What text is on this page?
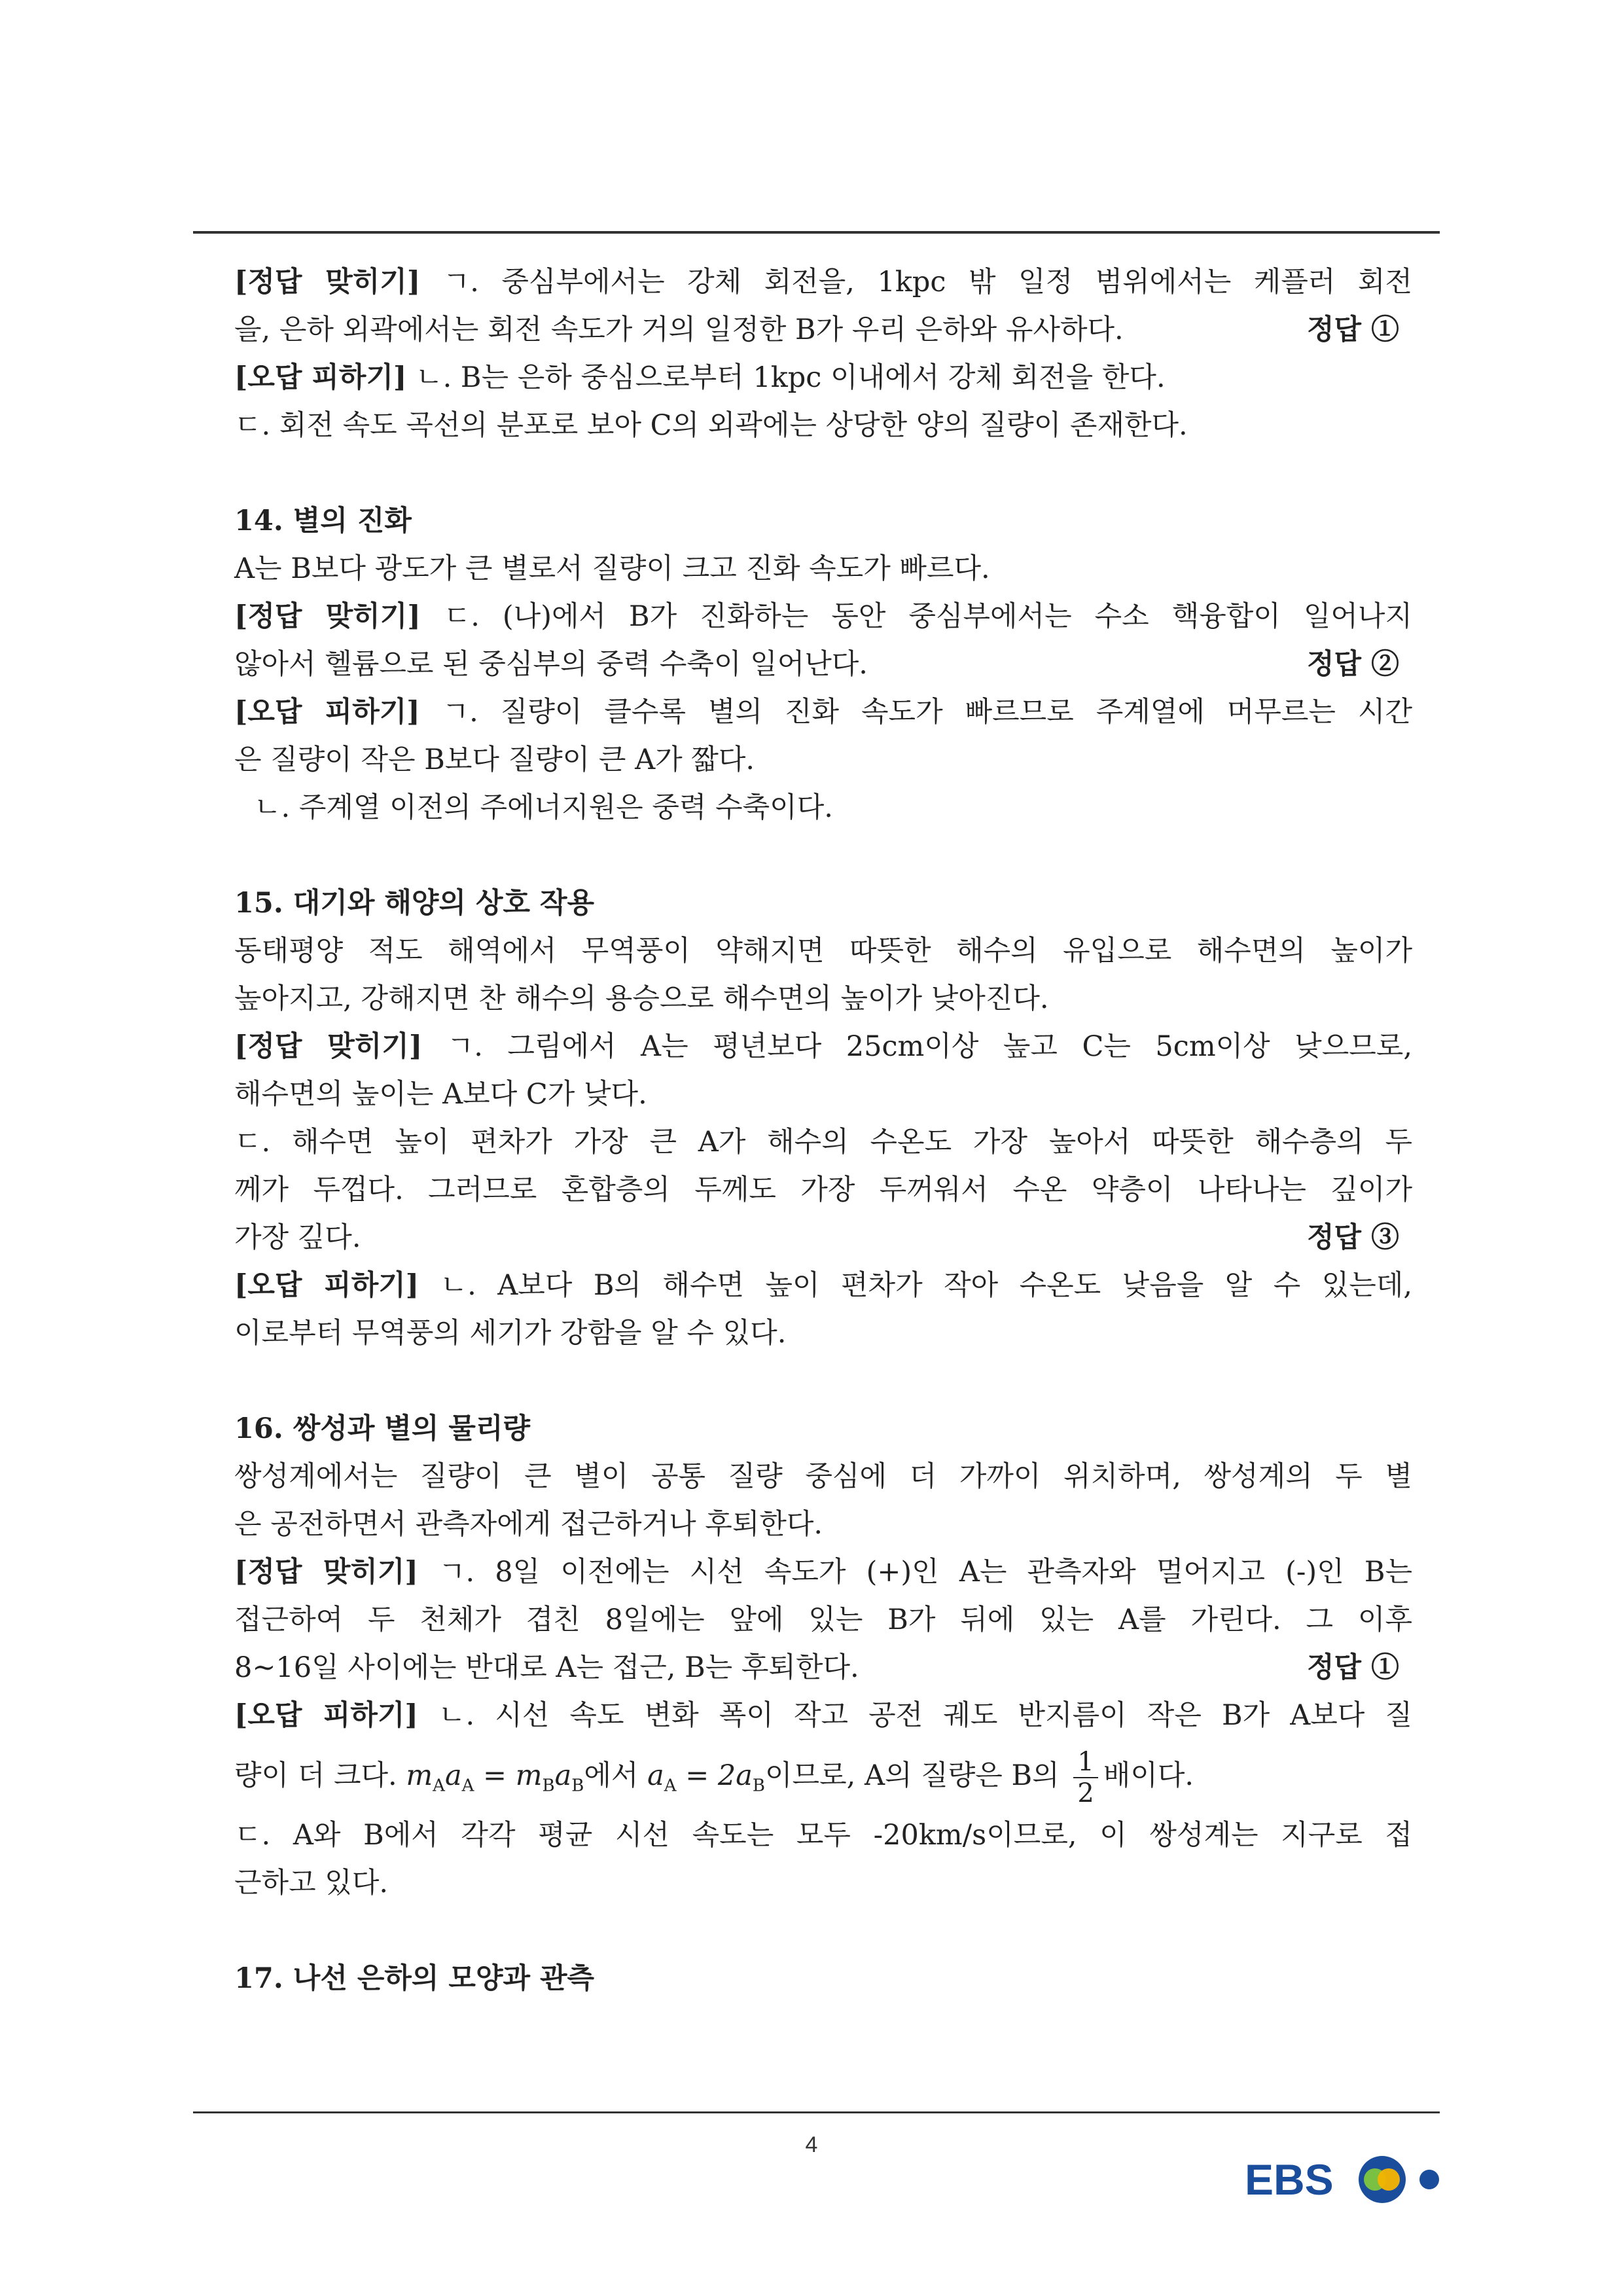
[정답 맞히기] ㄱ. 중심부에서는 강체 회전을, 1kpc 밖 일정 범위에서는 케플러 회전
을, 은하 외곽에서는 회전 속도가 거의 일정한 B가 우리 은하와 유사하다.	정답 ①
[오답 피하기] ㄴ. B는 은하 중심으로부터 1kpc 이내에서 강체 회전을 한다.
ㄷ. 회전 속도 곡선의 분포로 보아 C의 외곽에는 상당한 양의 질량이 존재한다.
14. 별의 진화
A는 B보다 광도가 큰 별로서 질량이 크고 진화 속도가 빠르다.
[정답 맞히기] ㄷ. (나)에서 B가 진화하는 동안 중심부에서는 수소 핵융합이 일어나지
않아서 헬륨으로 된 중심부의 중력 수축이 일어난다.	정답 ②
[오답 피하기] ㄱ. 질량이 클수록 별의 진화 속도가 빠르므로 주계열에 머무르는 시간
은 질량이 작은 B보다 질량이 큰 A가 짧다.
ㄴ. 주계열 이전의 주에너지원은 중력 수축이다.
15. 대기와 해양의 상호 작용
동태평양 적도 해역에서 무역풍이 약해지면 따뜻한 해수의 유입으로 해수면의 높이가
높아지고, 강해지면 찬 해수의 용승으로 해수면의 높이가 낮아진다.
[정답 맞히기] ㄱ. 그림에서 A는 평년보다 25cm이상 높고 C는 5cm이상 낮으므로,
해수면의 높이는 A보다 C가 낮다.
ㄷ. 해수면 높이 편차가 가장 큰 A가 해수의 수온도 가장 높아서 따뜻한 해수층의 두
께가 두껍다. 그러므로 혼합층의 두께도 가장 두꺼워서 수온 약층이 나타나는 깊이가
가장 깊다.	정답 ③
[오답 피하기] ㄴ. A보다 B의 해수면 높이 편차가 작아 수온도 낮음을 알 수 있는데,
이로부터 무역풍의 세기가 강함을 알 수 있다.
16. 쌍성과 별의 물리량
쌍성계에서는 질량이 큰 별이 공통 질량 중심에 더 가까이 위치하며, 쌍성계의 두 별
은 공전하면서 관측자에게 접근하거나 후퇴한다.
[정답 맞히기] ㄱ. 8일 이전에는 시선 속도가 (+)인 A는 관측자와 멀어지고 (-)인 B는
접근하여 두 천체가 겹친 8일에는 앞에 있는 B가 뒤에 있는 A를 가린다. 그 이후
8~16일 사이에는 반대로 A는 접근, B는 후퇴한다.	정답 ①
[오답 피하기] ㄴ. 시선 속도 변화 폭이 작고 공전 궤도 반지름이 작은 B가 A보다 질
량이 더 크다. $m_Aa_A = m_Ba_B$에서 $a_A = 2a_B$이므로, A의 질량은 B의 $\frac{1}{2}$ 배이다.
ㄷ. A와 B에서 각각 평균 시선 속도는 모두 -20km/s이므로, 이 쌍성계는 지구로 접
근하고 있다.
17. 나선 은하의 모양과 관측
4
EBS
